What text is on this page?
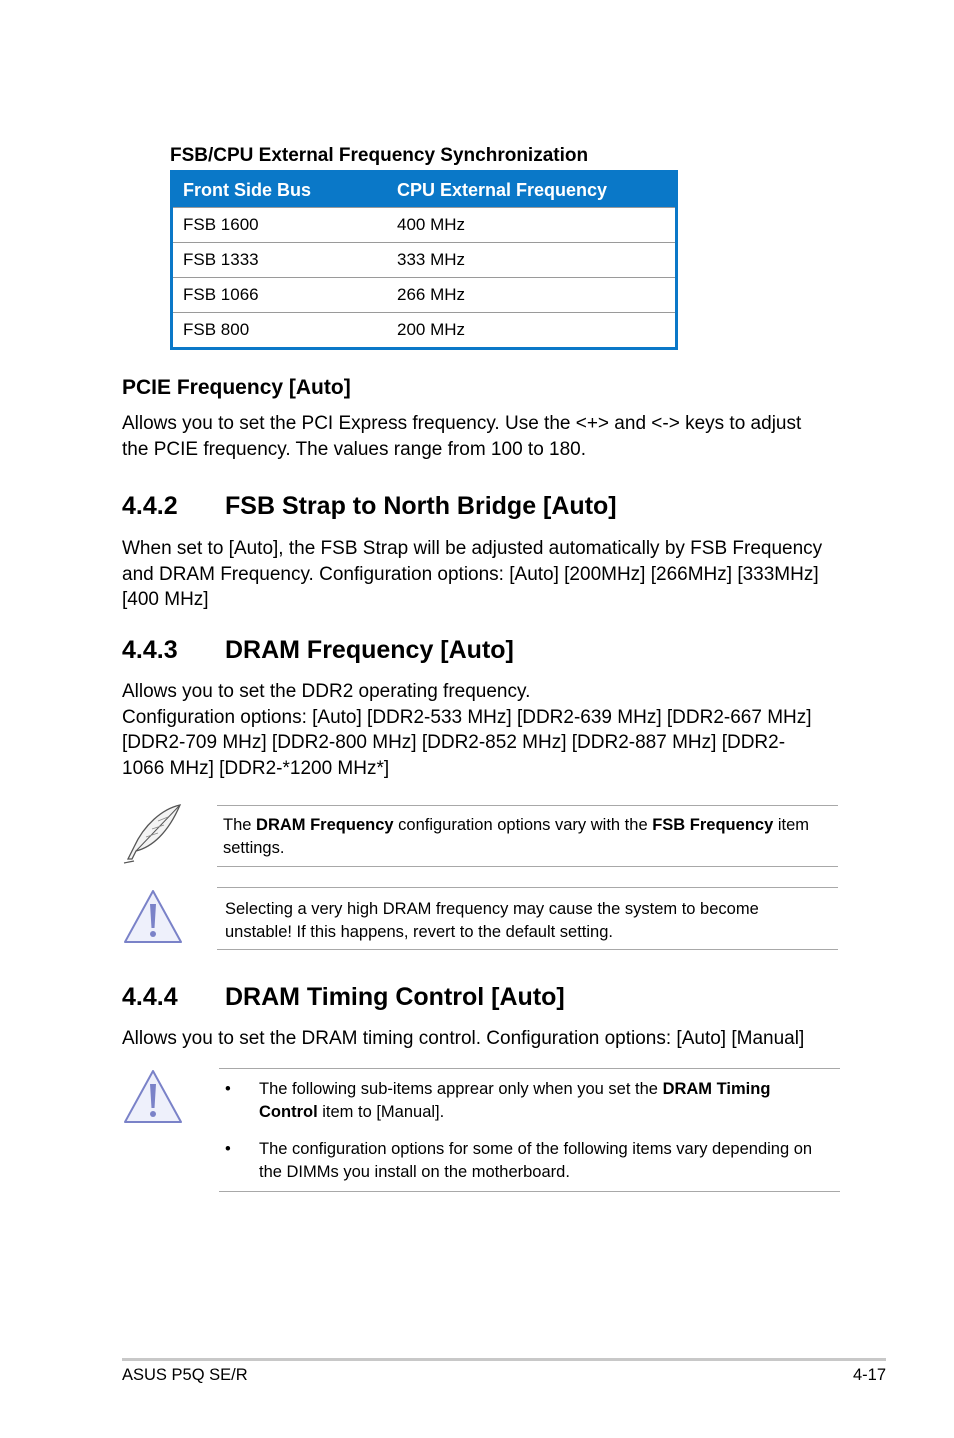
FSB/CPU External Frequency Synchronization
Front Side Bus	CPU External Frequency
FSB 1600	400 MHz
FSB 1333	333 MHz
FSB 1066	266 MHz
FSB 800	200 MHz
PCIE Frequency [Auto]
Allows you to set the PCI Express frequency. Use the <+> and <-> keys to adjust
the PCIE frequency. The values range from 100 to 180.
4.4.2 FSB Strap to North Bridge [Auto]
When set to [Auto], the FSB Strap will be adjusted automatically by FSB Frequency
and DRAM Frequency. Configuration options: [Auto] [200MHz] [266MHz] [333MHz]
[400 MHz]
4.4.3 DRAM Frequency [Auto]
Allows you to set the DDR2 operating frequency.
Configuration options: [Auto] [DDR2-533 MHz] [DDR2-639 MHz] [DDR2-667 MHz]
[DDR2-709 MHz] [DDR2-800 MHz] [DDR2-852 MHz] [DDR2-887 MHz] [DDR2-
1066 MHz] [DDR2-*1200 MHz*]
The DRAM Frequency configuration options vary with the FSB Frequency item
settings.
Selecting a very high DRAM frequency may cause the system to become
unstable! If this happens, revert to the default setting.
4.4.4 DRAM Timing Control [Auto]
Allows you to set the DRAM timing control. Configuration options: [Auto] [Manual]
•	The following sub-items apprear only when you set the DRAM Timing
Control item to [Manual].
•	The configuration options for some of the following items vary depending on
the DIMMs you install on the motherboard.
ASUS P5Q SE/R	4-17
